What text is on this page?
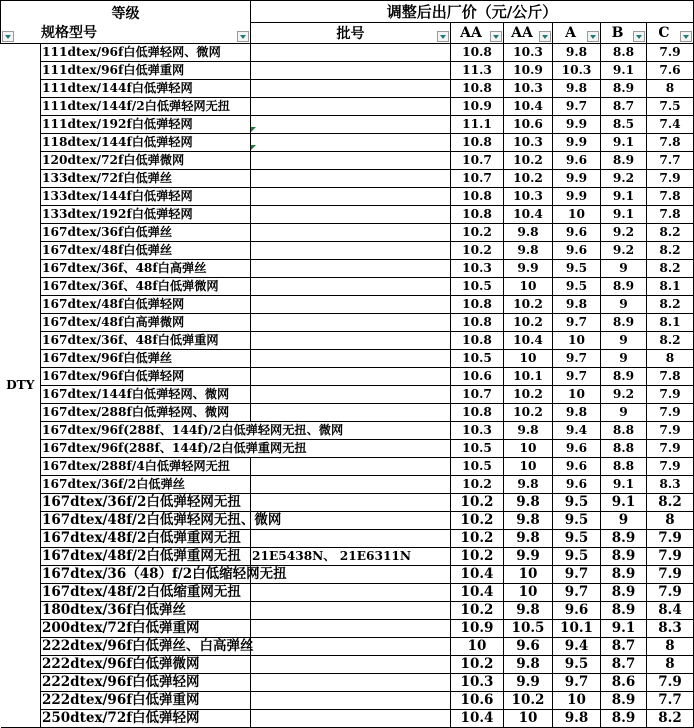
等级
规格型号		调整后出厂价（元/公斤）					
		批号	AA	AA	A	B	C

DTY	111dtex/96f白低弹轻网、微网		10.8	10.3	9.8	8.8	7.9
	111dtex/96f白低弹重网		11.3	10.9	10.3	9.1	7.6
	111dtex/144f白低弹轻网		10.8	10.3	9.8	8.9	8
	111dtex/144f/2白低弹轻网无扭		10.9	10.4	9.7	8.7	7.5
	111dtex/192f白低弹轻网		11.1	10.6	9.9	8.5	7.4
	118dtex/144f白低弹轻网		10.8	10.3	9.9	9.1	7.8
	120dtex/72f白低弹微网		10.7	10.2	9.6	8.9	7.7
	133dtex/72f白低弹丝		10.7	10.2	9.9	9.2	7.9
	133dtex/144f白低弹轻网		10.8	10.3	9.9	9.1	7.8
	133dtex/192f白低弹轻网		10.8	10.4	10	9.1	7.8
	167dtex/36f白低弹丝		10.2	9.8	9.6	9.2	8.2
	167dtex/48f白低弹丝		10.2	9.8	9.6	9.2	8.2
	167dtex/36f、48f白高弹丝		10.3	9.9	9.5	9	8.2
	167dtex/36f、48f白低弹微网		10.5	10	9.5	8.9	8.1
	167dtex/48f白低弹轻网		10.8	10.2	9.8	9	8.2
	167dtex/48f白高弹微网		10.8	10.2	9.7	8.9	8.1
	167dtex/36f、48f白低弹重网		10.8	10.4	10	9	8.2
	167dtex/96f白低弹丝		10.5	10	9.7	9	8
	167dtex/96f白低弹轻网		10.6	10.1	9.7	8.9	7.8
	167dtex/144f白低弹轻网、微网		10.7	10.2	10	9.2	7.9
	167dtex/288f白低弹轻网、微网		10.8	10.2	9.8	9	7.9
	167dtex/96f(288f、144f)/2白低弹轻网无扭、微网		10.3	9.8	9.4	8.8	7.9
	167dtex/96f(288f、144f)/2白低弹重网无扭		10.5	10	9.6	8.8	7.9
	167dtex/288f/4白低弹轻网无扭		10.5	10	9.6	8.8	7.9
	167dtex/36f/2白低弹丝		10.2	9.8	9.6	9.1	8.3
	167dtex/36f/2白低弹轻网无扭		10.2	9.8	9.5	9.1	8.2
	167dtex/48f/2白低弹轻网无扭、微网		10.2	9.8	9.5	9	8
	167dtex/48f/2白低弹重网无扭		10.2	9.8	9.5	8.9	7.9
	167dtex/48f/2白低弹重网无扭	21E5438N、 21E6311N	10.2	9.9	9.5	8.9	7.9
	167dtex/36（48）f/2白低缩轻网无扭		10.4	10	9.7	8.9	7.9
	167dtex/48f/2白低缩重网无扭		10.4	10	9.7	8.9	7.9
	180dtex/36f白低弹丝		10.2	9.8	9.6	8.9	8.4
	200dtex/72f白低弹重网		10.9	10.5	10.1	9.1	8.3
	222dtex/96f白低弹丝、白高弹丝		10	9.6	9.4	8.7	8
	222dtex/96f白低弹微网		10.2	9.8	9.5	8.7	8
	222dtex/96f白低弹轻网		10.3	9.9	9.7	8.6	7.9
	222dtex/96f白低弹重网		10.6	10.2	10	8.9	7.7
	250dtex/72f白低弹轻网		10.4	10	9.8	8.9	8.2
